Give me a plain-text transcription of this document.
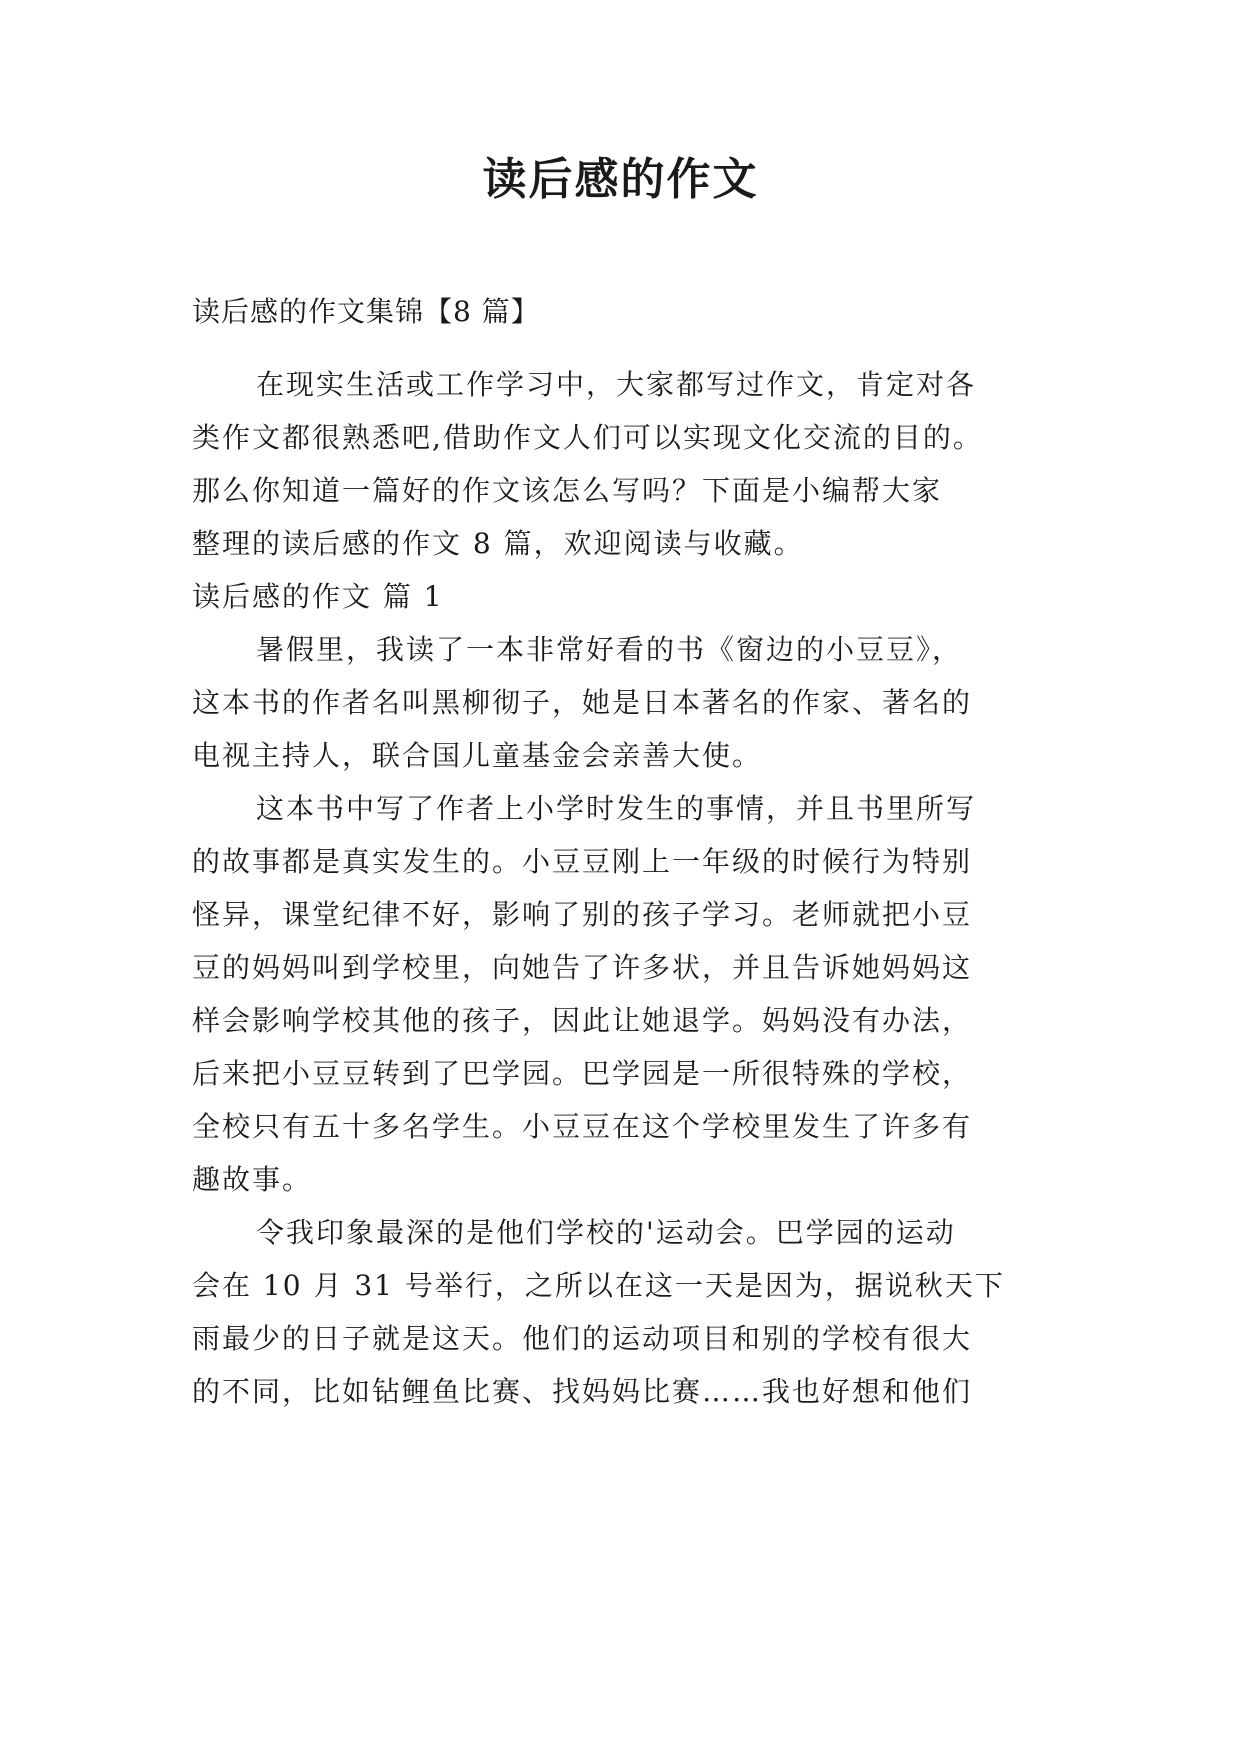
读后感的作文
读后感的作文集锦【8 篇】
在现实生活或工作学习中，大家都写过作文，肯定对各
类作文都很熟悉吧,借助作文人们可以实现文化交流的目的。
那么你知道一篇好的作文该怎么写吗？下面是小编帮大家
整理的读后感的作文 8 篇，欢迎阅读与收藏。
读后感的作文 篇 1
暑假里，我读了一本非常好看的书《窗边的小豆豆》，
这本书的作者名叫黑柳彻子，她是日本著名的作家、著名的
电视主持人，联合国儿童基金会亲善大使。
这本书中写了作者上小学时发生的事情，并且书里所写
的故事都是真实发生的。小豆豆刚上一年级的时候行为特别
怪异，课堂纪律不好，影响了别的孩子学习。老师就把小豆
豆的妈妈叫到学校里，向她告了许多状，并且告诉她妈妈这
样会影响学校其他的孩子，因此让她退学。妈妈没有办法，
后来把小豆豆转到了巴学园。巴学园是一所很特殊的学校，
全校只有五十多名学生。小豆豆在这个学校里发生了许多有
趣故事。
令我印象最深的是他们学校的'运动会。巴学园的运动
会在 10 月 31 号举行，之所以在这一天是因为，据说秋天下
雨最少的日子就是这天。他们的运动项目和别的学校有很大
的不同，比如钻鲤鱼比赛、找妈妈比赛……我也好想和他们
